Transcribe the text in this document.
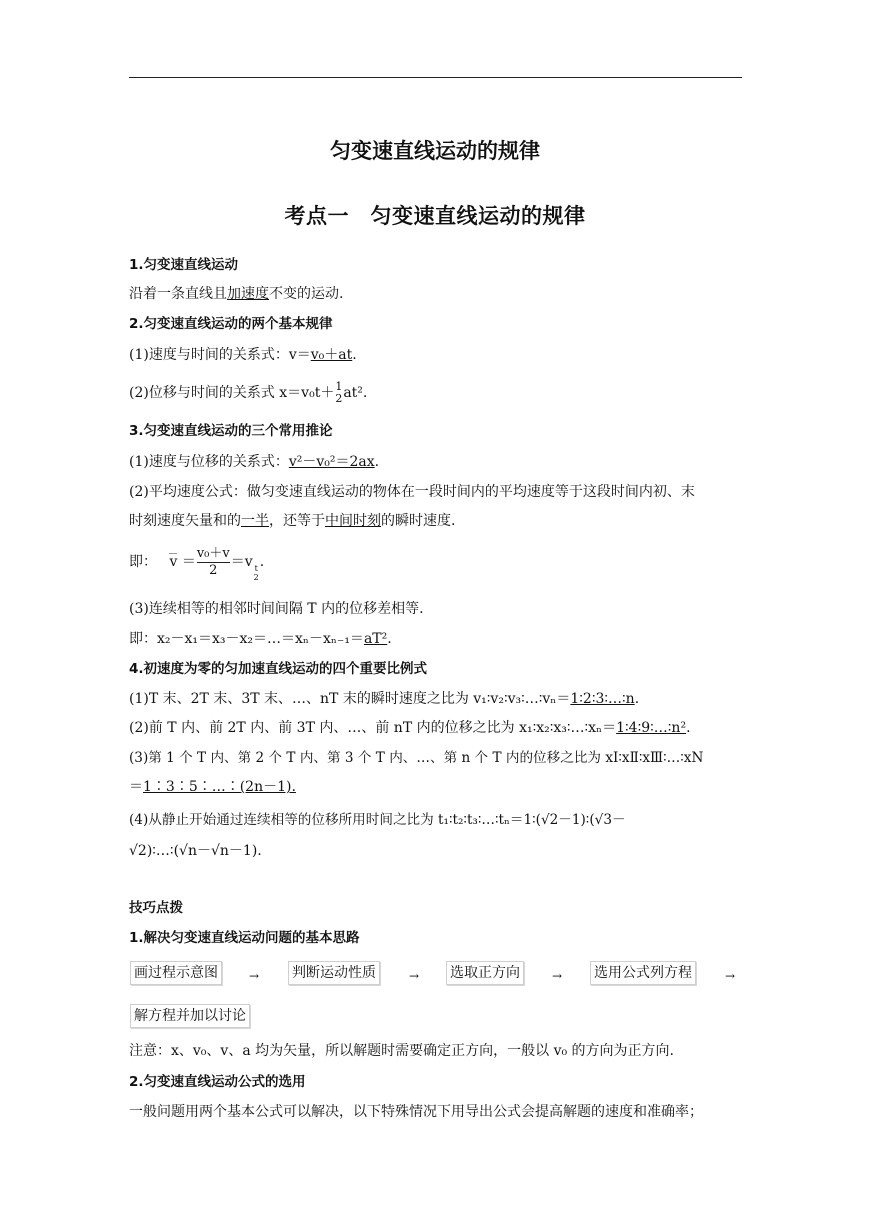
匀变速直线运动的规律
考点一　匀变速直线运动的规律
1.匀变速直线运动
沿着一条直线且加速度不变的运动.
2.匀变速直线运动的两个基本规律
(1)速度与时间的关系式：v＝v₀＋at.
(2)位移与时间的关系式 x＝v₀t＋ 1
2 at².
3.匀变速直线运动的三个常用推论
(1)速度与位移的关系式：v²－v₀²＝2ax.
(2)平均速度公式：做匀变速直线运动的物体在一段时间内的平均速度等于这段时间内初、末
时刻速度矢量和的一半，还等于中间时刻的瞬时速度.
即： $v = \frac{\text{v₀＋v}}{2} =v$ t
2
.
(3)连续相等的相邻时间间隔 T 内的位移差相等.
即：x₂－x₁＝x₃－x₂＝…＝xₙ－xₙ₋₁＝aT².
4.初速度为零的匀加速直线运动的四个重要比例式
(1)T 末、2T 末、3T 末、…、nT 末的瞬时速度之比为 v₁∶v₂∶v₃∶…∶vₙ＝1∶2∶3∶…∶n.
(2)前 T 内、前 2T 内、前 3T 内、…、前 nT 内的位移之比为 x₁∶x₂∶x₃∶…∶xₙ＝1∶4∶9∶…∶n².
(3)第 1 个 T 内、第 2 个 T 内、第 3 个 T 内、…、第 n 个 T 内的位移之比为 xⅠ∶xⅡ∶xⅢ∶…∶xN
＝1∶3∶5∶…∶(2n－1).
(4)从静止开始通过连续相等的位移所用时间之比为 t₁∶t₂∶t₃∶…∶tₙ＝1∶(√2－1)∶(√3－
√2)∶…∶(√n－√n－1).
技巧点拨
1.解决匀变速直线运动问题的基本思路
画过程示意图	→ 判断运动性质	→ 选取正方向	→ 选用公式列方程	→
解方程并加以讨论
注意：x、v₀、v、a 均为矢量，所以解题时需要确定正方向，一般以 v₀ 的方向为正方向.
2.匀变速直线运动公式的选用
一般问题用两个基本公式可以解决，以下特殊情况下用导出公式会提高解题的速度和准确率；
